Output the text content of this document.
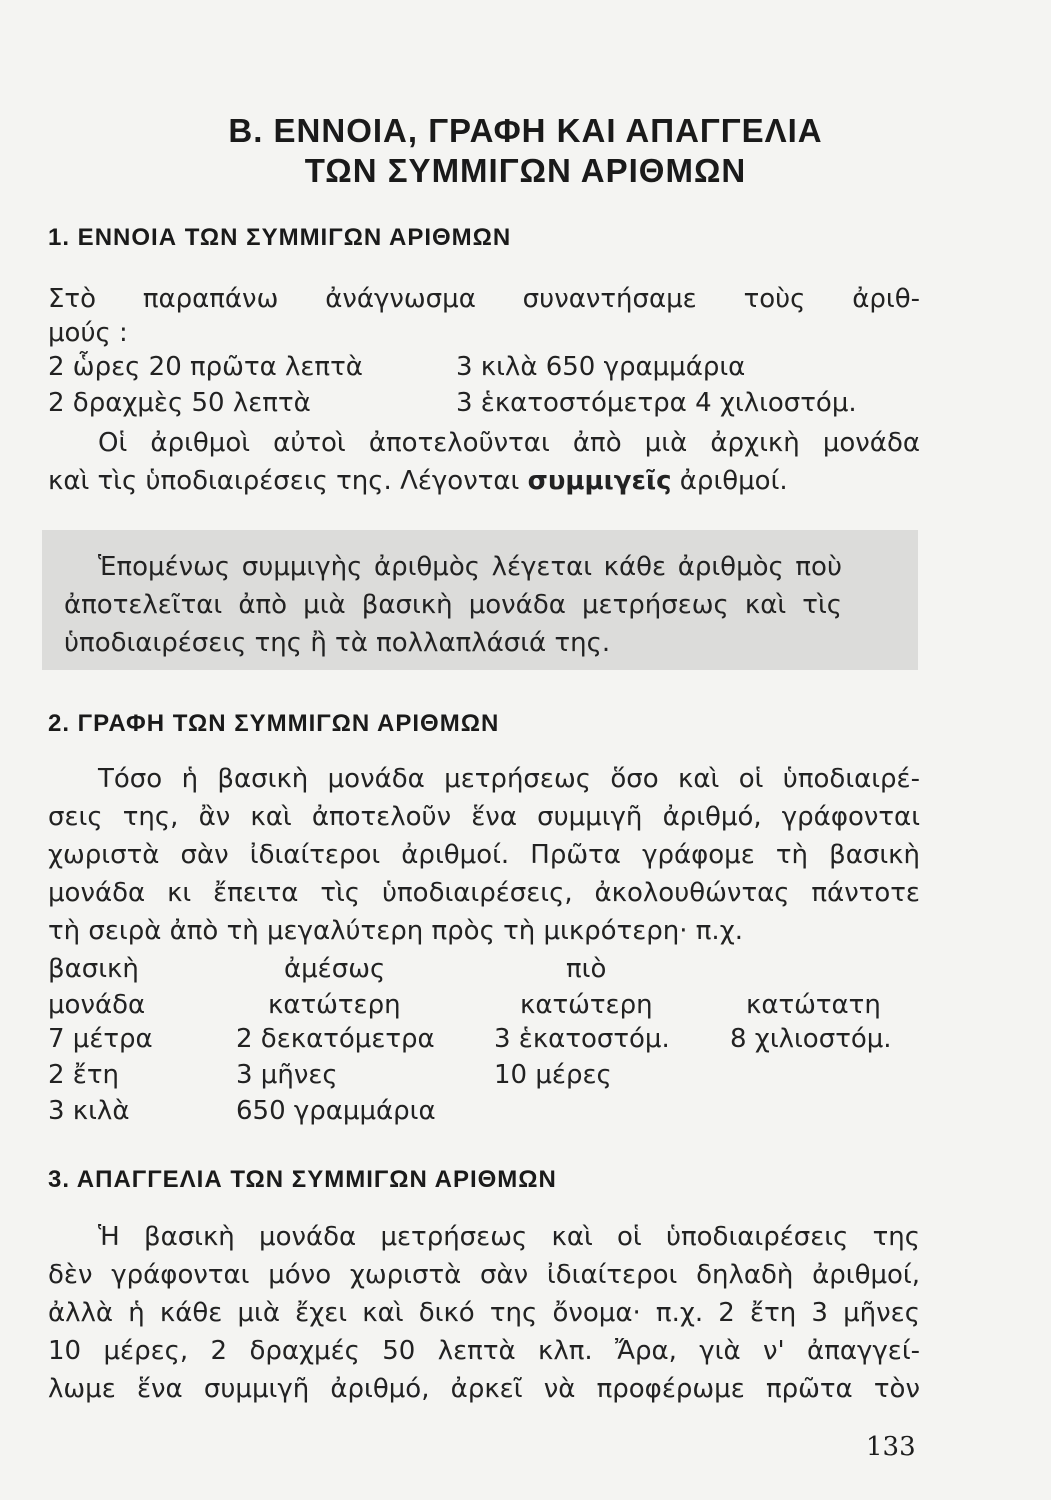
B. ΕΝΝΟΙΑ, ΓΡΑΦΗ ΚΑΙ ΑΠΑΓΓΕΛΙΑ
ΤΩΝ ΣΥΜΜΙΓΩΝ ΑΡΙΘΜΩΝ
1. ΕΝΝΟΙΑ ΤΩΝ ΣΥΜΜΙΓΩΝ ΑΡΙΘΜΩΝ
Στὸ παραπάνω ἀνάγνωσμα συναντήσαμε τοὺς ἀριθ-
μούς :
2 ὧρες 20 πρῶτα λεπτὰ	3 κιλὰ 650 γραμμάρια
2 δραχμὲς 50 λεπτὰ	3 ἑκατοστόμετρα 4 χιλιοστόμ.
Οἱ ἀριθμοὶ αὐτοὶ ἀποτελοῦνται ἀπὸ μιὰ ἀρχικὴ μονάδα
καὶ τὶς ὑποδιαιρέσεις της. Λέγονται συμμιγεῖς ἀριθμοί.
Ἑπομένως συμμιγὴς ἀριθμὸς λέγεται κάθε ἀριθμὸς ποὺ
ἀποτελεῖται ἀπὸ μιὰ βασικὴ μονάδα μετρήσεως καὶ τὶς
ὑποδιαιρέσεις της ἢ τὰ πολλαπλάσιά της.
2. ΓΡΑΦΗ ΤΩΝ ΣΥΜΜΙΓΩΝ ΑΡΙΘΜΩΝ
Τόσο ἡ βασικὴ μονάδα μετρήσεως ὅσο καὶ οἱ ὑποδιαιρέ-
σεις της, ἂν καὶ ἀποτελοῦν ἕνα συμμιγῆ ἀριθμό, γράφονται
χωριστὰ σὰν ἰδιαίτεροι ἀριθμοί. Πρῶτα γράφομε τὴ βασικὴ
μονάδα κι ἔπειτα τὶς ὑποδιαιρέσεις, ἀκολουθώντας πάντοτε
τὴ σειρὰ ἀπὸ τὴ μεγαλύτερη πρὸς τὴ μικρότερη· π.χ.
βασικὴ	ἀμέσως	πιὸ
μονάδα	κατώτερη	κατώτερη	κατώτατη
7 μέτρα	2 δεκατόμετρα 3 ἑκατοστόμ. 8 χιλιοστόμ.
2 ἔτη	3 μῆνες	10 μέρες
3 κιλὰ	650 γραμμάρια
3. ΑΠΑΓΓΕΛΙΑ ΤΩΝ ΣΥΜΜΙΓΩΝ ΑΡΙΘΜΩΝ
Ἡ βασικὴ μονάδα μετρήσεως καὶ οἱ ὑποδιαιρέσεις της
δὲν γράφονται μόνο χωριστὰ σὰν ἰδιαίτεροι δηλαδὴ ἀριθμοί,
ἀλλὰ ἡ κάθε μιὰ ἔχει καὶ δικό της ὄνομα· π.χ. 2 ἔτη 3 μῆνες
10 μέρες, 2 δραχμές 50 λεπτὰ κλπ. Ἄρα, γιὰ ν' ἀπαγγεί-
λωμε ἕνα συμμιγῆ ἀριθμό, ἀρκεῖ νὰ προφέρωμε πρῶτα τὸν
133
